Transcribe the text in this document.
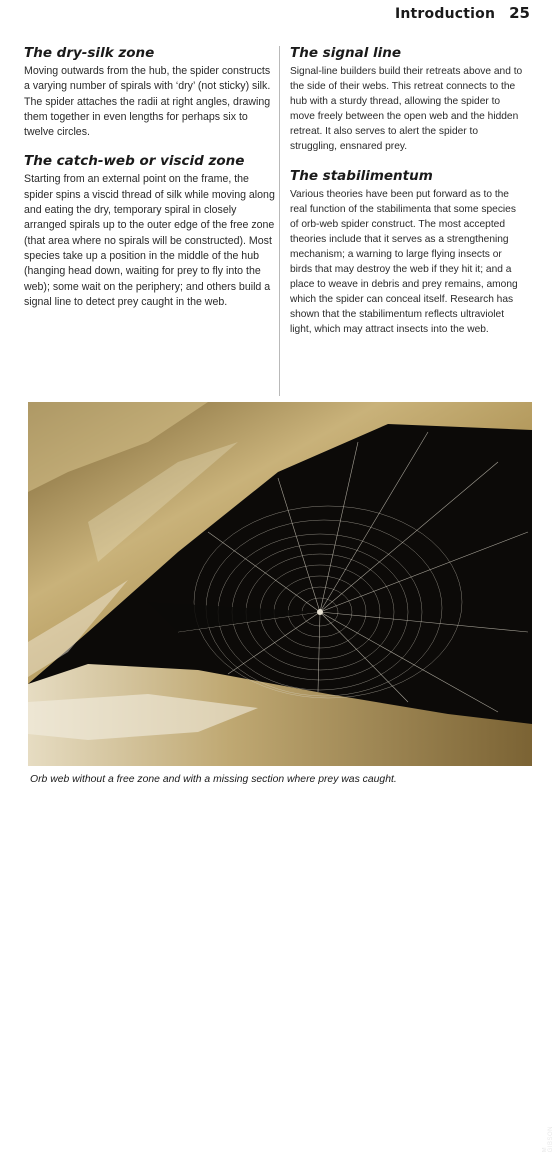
Introduction 25
The dry-silk zone

Moving outwards from the hub, the spider constructs a varying number of spirals with ‘dry’ (not sticky) silk. The spider attaches the radii at right angles, drawing them together in even lengths for perhaps six to twelve circles.

The catch-web or viscid zone

Starting from an external point on the frame, the spider spins a viscid thread of silk while moving along and eating the dry, temporary spiral in closely arranged spirals up to the outer edge of the free zone (that area where no spirals will be constructed). Most species take up a position in the middle of the hub (hanging head down, waiting for prey to fly into the web); some wait on the periphery; and others build a signal line to detect prey caught in the web.

The signal line

Signal-line builders build their retreats above and to the side of their webs. This retreat connects to the hub with a sturdy thread, allowing the spider to move freely between the open web and the hidden retreat. It also serves to alert the spider to struggling, ensnared prey.

The stabilimentum

Various theories have been put forward as to the real function of the stabilimenta that some species of orb-web spider construct. The most accepted theories include that it serves as a strengthening mechanism; a warning to large flying insects or birds that may destroy the web if they hit it; and a place to weave in debris and prey remains, among which the spider can conceal itself. Research has shown that the stabilimentum reflects ultraviolet light, which may attract insects into the web.

M GIBSON
Orb web without a free zone and with a missing section where prey was caught.
